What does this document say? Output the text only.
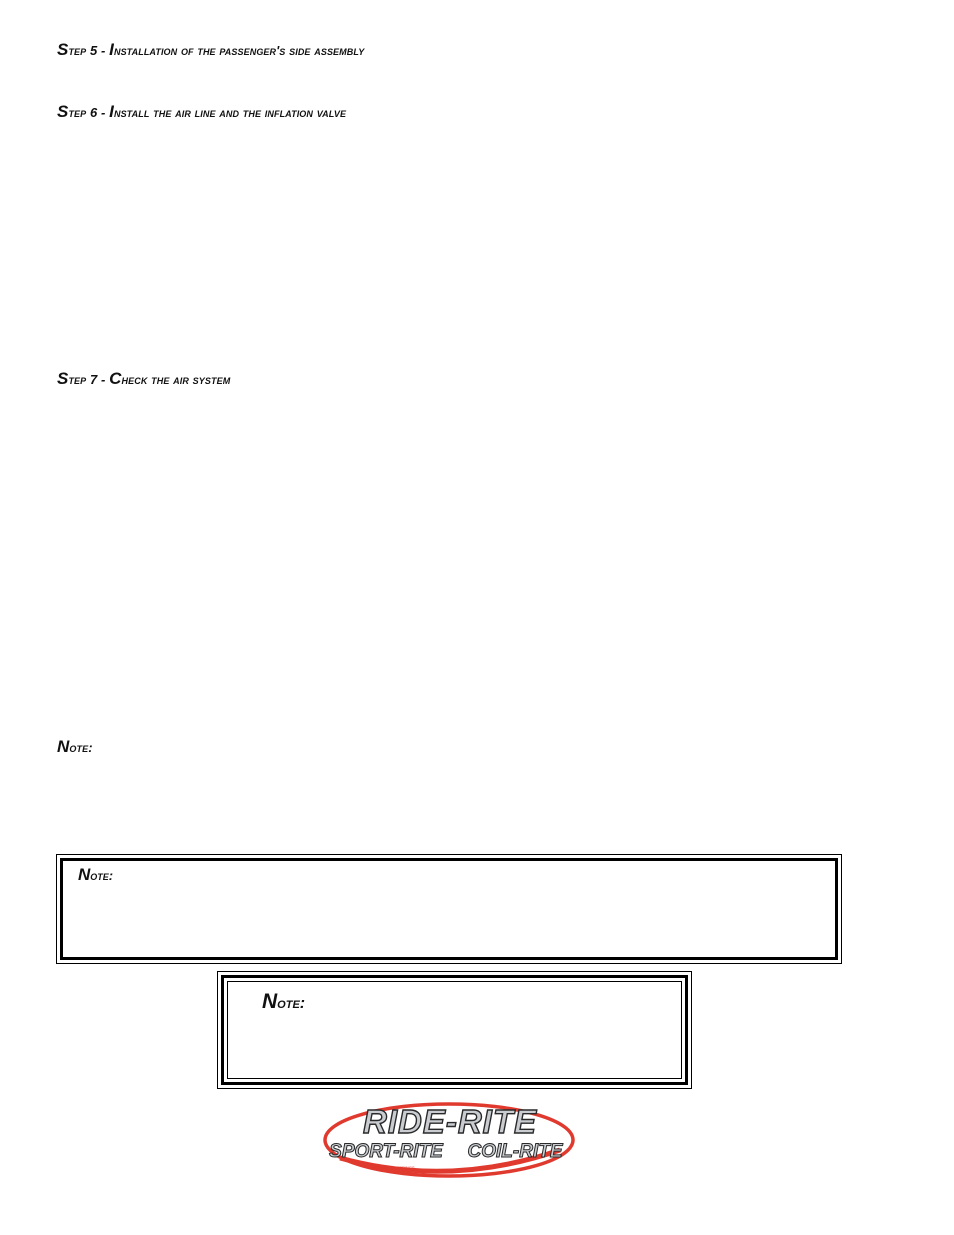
Step 5 - Installation of the passenger's side assembly
Step 6 - Install the air line and the inflation valve
Step 7 - Check the air system
Note:
Note:
Note:
RIDE-RITE
SPORT-RITE COIL-RITE
Air helper springs
